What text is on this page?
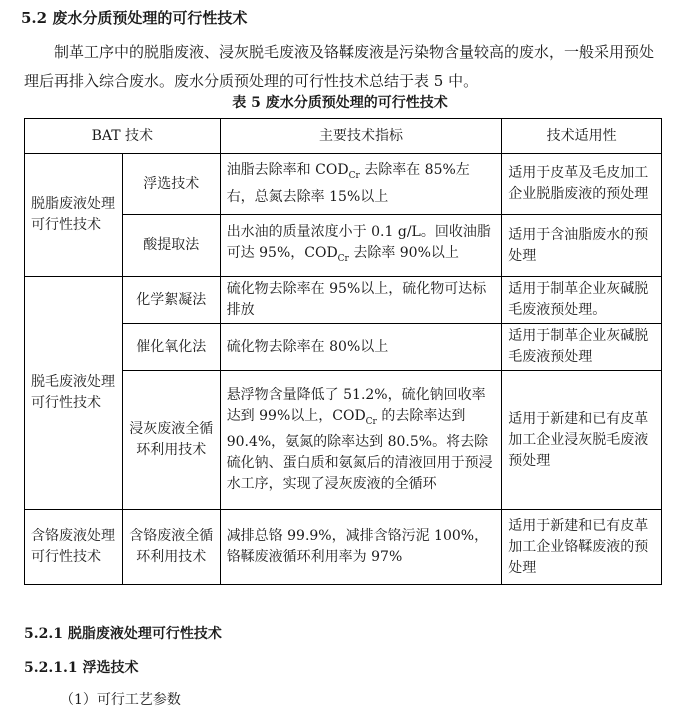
5.2 废水分质预处理的可行性技术

制革工序中的脱脂废液、浸灰脱毛废液及铬鞣废液是污染物含量较高的废水，一般采用预处理后再排入综合废水。废水分质预处理的可行性技术总结于表 5 中。

表 5 废水分质预处理的可行性技术
BAT 技术		主要技术指标	技术适用性
脱脂废液处理可行性技术	浮选技术	油脂去除率和 $COD_{Cr}$ 去除率在 85%左右，总氮去除率 15%以上	适用于皮革及毛皮加工企业脱脂废液的预处理
	酸提取法	出水油的质量浓度小于 0.1 g/L。回收油脂可达 95%，$COD_{Cr}$ 去除率 90%以上	适用于含油脂废水的预处理
脱毛废液处理可行性技术	化学絮凝法	硫化物去除率在 95%以上，硫化物可达标排放	适用于制革企业灰碱脱毛废液预处理。
	催化氧化法	硫化物去除率在 80%以上	适用于制革企业灰碱脱毛废液预处理
	浸灰废液全循环利用技术	悬浮物含量降低了 51.2%，硫化钠回收率达到 99%以上，$COD_{Cr}$ 的去除率达到 90.4%，氨氮的除率达到 80.5%。将去除硫化钠、蛋白质和氨氮后的清液回用于预浸水工序，实现了浸灰废液的全循环	适用于新建和已有皮革加工企业浸灰脱毛废液预处理
含铬废液处理可行性技术	含铬废液全循环利用技术	减排总铬 99.9%，减排含铬污泥 100%，铬鞣废液循环利用率为 97%	适用于新建和已有皮革加工企业铬鞣废液的预处理
5.2.1 脱脂废液处理可行性技术
5.2.1.1 浮选技术
（1）可行工艺参数
